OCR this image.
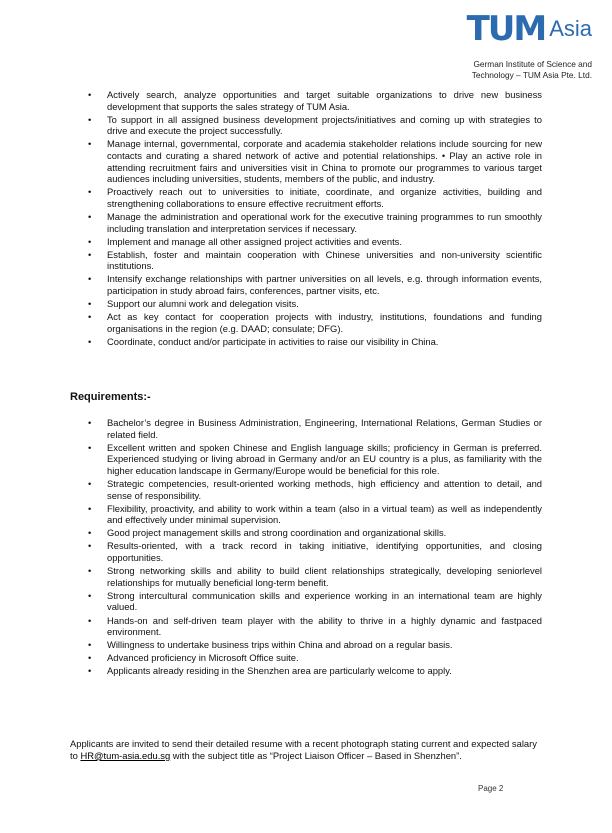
TUM Asia
German Institute of Science and
Technology – TUM Asia Pte. Ltd.
• Actively search, analyze opportunities and target suitable organizations to drive new business development that supports the sales strategy of TUM Asia.
• To support in all assigned business development projects/initiatives and coming up with strategies to drive and execute the project successfully.
• Manage internal, governmental, corporate and academia stakeholder relations include sourcing for new contacts and curating a shared network of active and potential relationships. • Play an active role in attending recruitment fairs and universities visit in China to promote our programmes to various target audiences including universities, students, members of the public, and industry.
• Proactively reach out to universities to initiate, coordinate, and organize activities, building and strengthening collaborations to ensure effective recruitment efforts.
• Manage the administration and operational work for the executive training programmes to run smoothly including translation and interpretation services if necessary.
• Implement and manage all other assigned project activities and events.
• Establish, foster and maintain cooperation with Chinese universities and non-university scientific institutions.
• Intensify exchange relationships with partner universities on all levels, e.g. through information events, participation in study abroad fairs, conferences, partner visits, etc.
• Support our alumni work and delegation visits.
• Act as key contact for cooperation projects with industry, institutions, foundations and funding organisations in the region (e.g. DAAD; consulate; DFG).
• Coordinate, conduct and/or participate in activities to raise our visibility in China.
Requirements:-
• Bachelor’s degree in Business Administration, Engineering, International Relations, German Studies or related field.
• Excellent written and spoken Chinese and English language skills; proficiency in German is preferred. Experienced studying or living abroad in Germany and/or an EU country is a plus, as familiarity with the higher education landscape in Germany/Europe would be beneficial for this role.
• Strategic competencies, result-oriented working methods, high efficiency and attention to detail, and sense of responsibility.
• Flexibility, proactivity, and ability to work within a team (also in a virtual team) as well as independently and effectively under minimal supervision.
• Good project management skills and strong coordination and organizational skills.
• Results-oriented, with a track record in taking initiative, identifying opportunities, and closing opportunities.
• Strong networking skills and ability to build client relationships strategically, developing seniorlevel relationships for mutually beneficial long-term benefit.
• Strong intercultural communication skills and experience working in an international team are highly valued.
• Hands-on and self-driven team player with the ability to thrive in a highly dynamic and fastpaced environment.
• Willingness to undertake business trips within China and abroad on a regular basis.
• Advanced proficiency in Microsoft Office suite.
• Applicants already residing in the Shenzhen area are particularly welcome to apply.
Applicants are invited to send their detailed resume with a recent photograph stating current and expected salary to HR@tum-asia.edu.sg with the subject title as “Project Liaison Officer – Based in Shenzhen”.
Page 2
